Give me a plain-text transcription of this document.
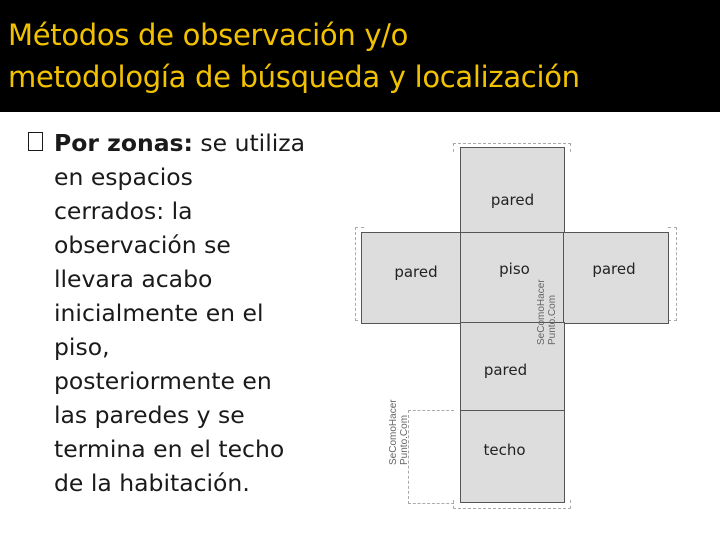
Métodos de observación y/o
metodología de búsqueda y localización
Por zonas: se utiliza
en espacios
cerrados: la
observación se
llevara acabo
inicialmente en el
piso,
posteriormente en
las paredes y se
termina en el techo
de la habitación.
pared
pared	piso	pared
pared
techo
SeComoHacer Punto.Com
SeComoHacer Punto.Com
